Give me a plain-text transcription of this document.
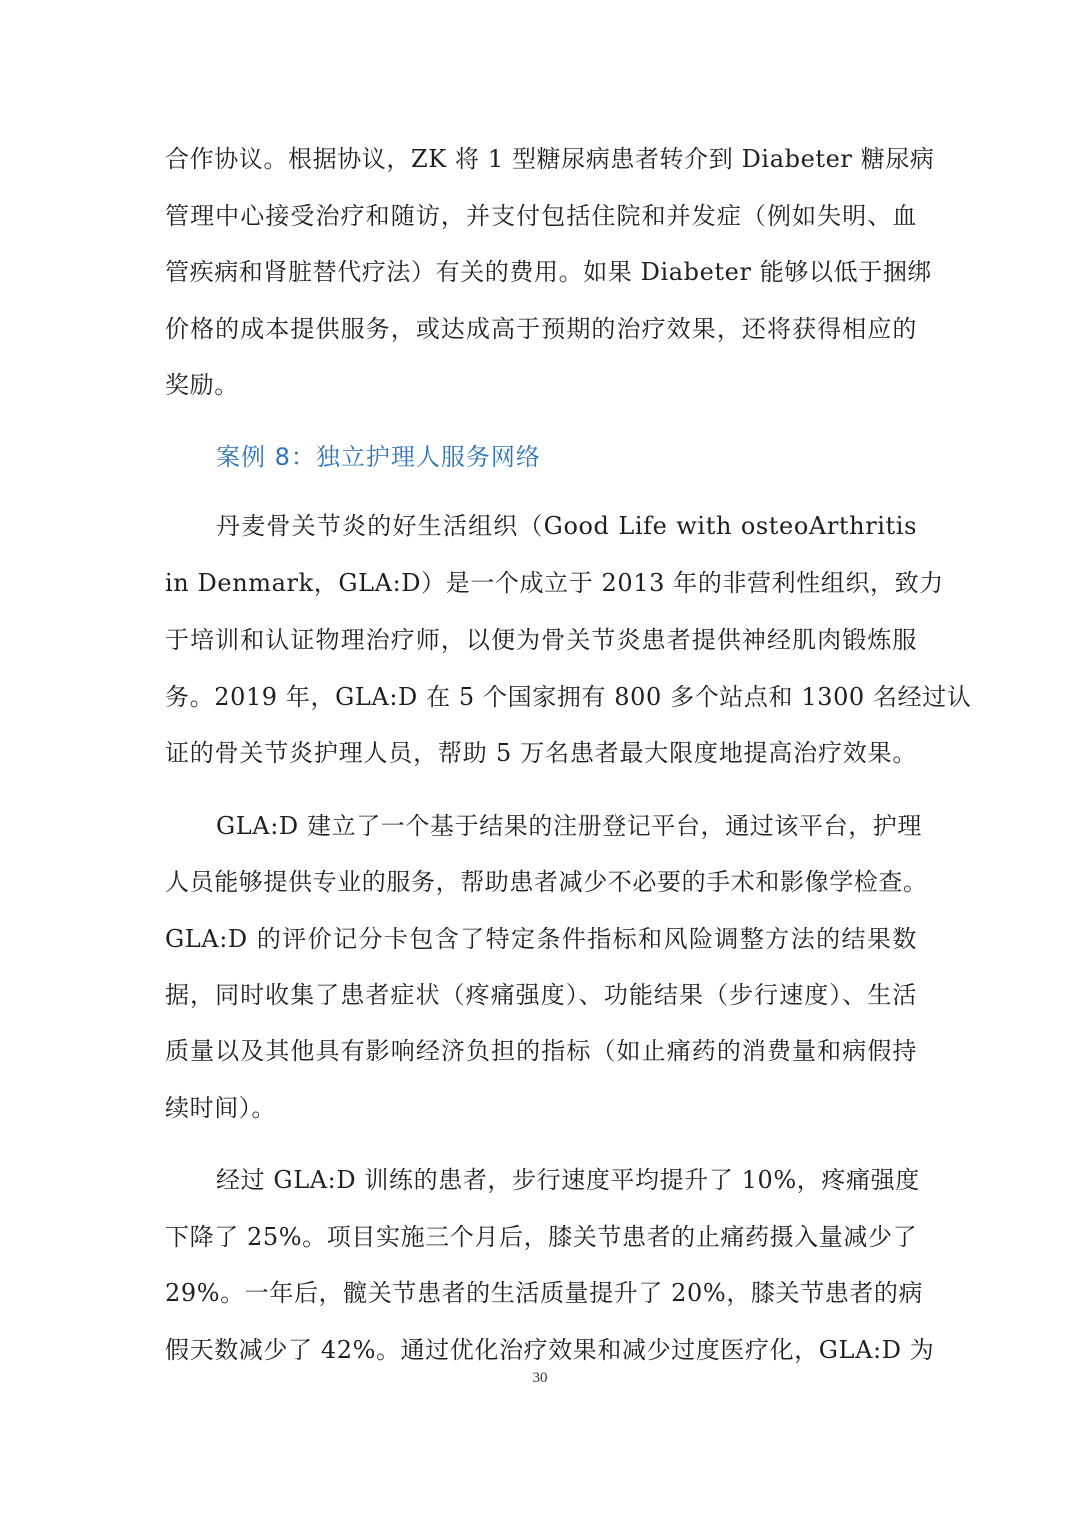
合作协议。根据协议，ZK 将 1 型糖尿病患者转介到 Diabeter 糖尿病
管理中心接受治疗和随访，并支付包括住院和并发症（例如失明、血
管疾病和肾脏替代疗法）有关的费用。如果 Diabeter 能够以低于捆绑
价格的成本提供服务，或达成高于预期的治疗效果，还将获得相应的
奖励。
案例 8：独立护理人服务网络
丹麦骨关节炎的好生活组织（Good Life with osteoArthritis
in Denmark，GLA:D）是一个成立于 2013 年的非营利性组织，致力
于培训和认证物理治疗师，以便为骨关节炎患者提供神经肌肉锻炼服
务。2019 年，GLA:D 在 5 个国家拥有 800 多个站点和 1300 名经过认
证的骨关节炎护理人员，帮助 5 万名患者最大限度地提高治疗效果。
GLA:D 建立了一个基于结果的注册登记平台，通过该平台，护理
人员能够提供专业的服务，帮助患者减少不必要的手术和影像学检查。
GLA:D 的评价记分卡包含了特定条件指标和风险调整方法的结果数
据，同时收集了患者症状（疼痛强度）、功能结果（步行速度）、生活
质量以及其他具有影响经济负担的指标（如止痛药的消费量和病假持
续时间）。
经过 GLA:D 训练的患者，步行速度平均提升了 10%，疼痛强度
下降了 25%。项目实施三个月后，膝关节患者的止痛药摄入量减少了
29%。一年后，髋关节患者的生活质量提升了 20%，膝关节患者的病
假天数减少了 42%。通过优化治疗效果和减少过度医疗化，GLA:D 为
30
